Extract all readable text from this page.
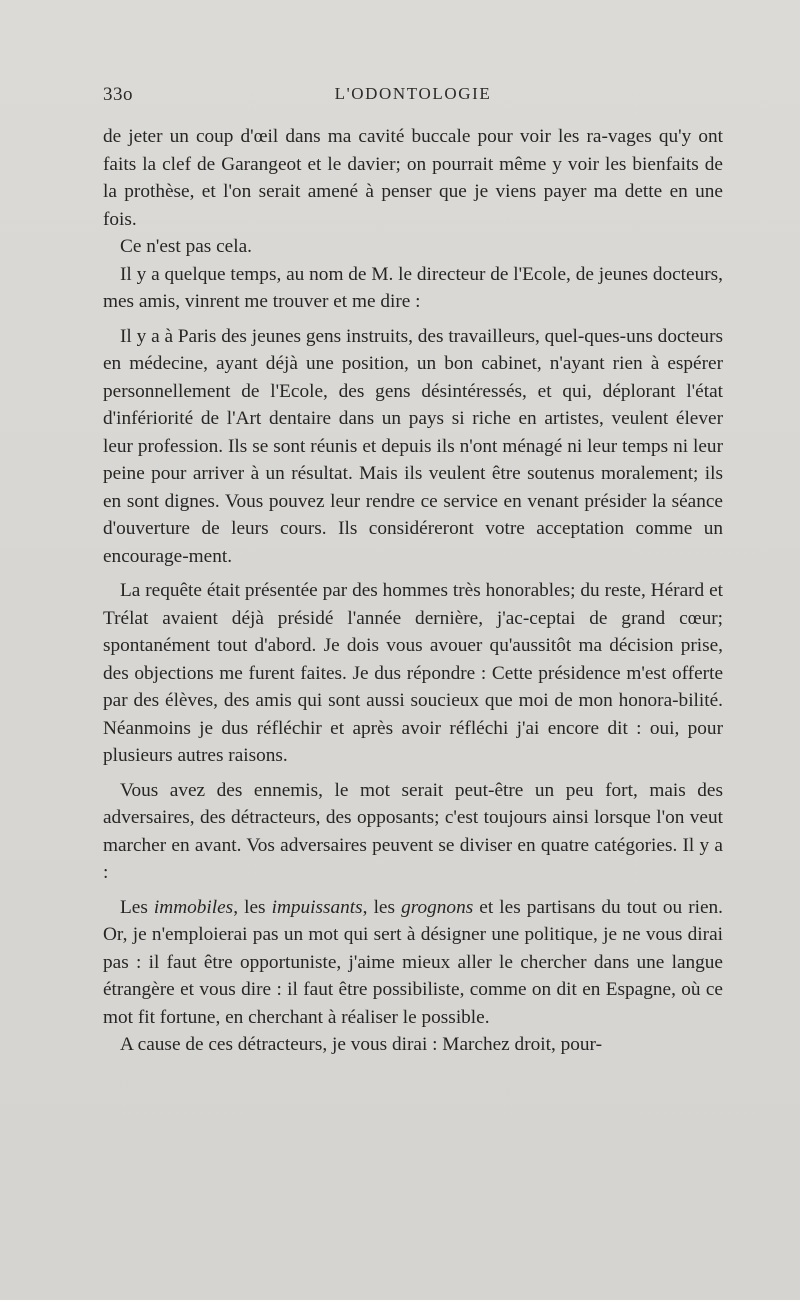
33o	L'ODONTOLOGIE

de jeter un coup d'œil dans ma cavité buccale pour voir les ra-vages qu'y ont faits la clef de Garangeot et le davier; on pourrait même y voir les bienfaits de la prothèse, et l'on serait amené à penser que je viens payer ma dette en une fois.

Ce n'est pas cela.

Il y a quelque temps, au nom de M. le directeur de l'Ecole, de jeunes docteurs, mes amis, vinrent me trouver et me dire :

Il y a à Paris des jeunes gens instruits, des travailleurs, quel-ques-uns docteurs en médecine, ayant déjà une position, un bon cabinet, n'ayant rien à espérer personnellement de l'Ecole, des gens désintéressés, et qui, déplorant l'état d'infériorité de l'Art dentaire dans un pays si riche en artistes, veulent élever leur profession. Ils se sont réunis et depuis ils n'ont ménagé ni leur temps ni leur peine pour arriver à un résultat. Mais ils veulent être soutenus moralement; ils en sont dignes. Vous pouvez leur rendre ce service en venant présider la séance d'ouverture de leurs cours. Ils considéreront votre acceptation comme un encourage-ment.

La requête était présentée par des hommes très honorables; du reste, Hérard et Trélat avaient déjà présidé l'année dernière, j'ac-ceptai de grand cœur; spontanément tout d'abord. Je dois vous avouer qu'aussitôt ma décision prise, des objections me furent faites. Je dus répondre : Cette présidence m'est offerte par des élèves, des amis qui sont aussi soucieux que moi de mon honora-bilité. Néanmoins je dus réfléchir et après avoir réfléchi j'ai encore dit : oui, pour plusieurs autres raisons.

Vous avez des ennemis, le mot serait peut-être un peu fort, mais des adversaires, des détracteurs, des opposants; c'est toujours ainsi lorsque l'on veut marcher en avant. Vos adversaires peuvent se diviser en quatre catégories. Il y a :

Les immobiles, les impuissants, les grognons et les partisans du tout ou rien. Or, je n'emploierai pas un mot qui sert à désigner une politique, je ne vous dirai pas : il faut être opportuniste, j'aime mieux aller le chercher dans une langue étrangère et vous dire : il faut être possibiliste, comme on dit en Espagne, où ce mot fit fortune, en cherchant à réaliser le possible.

A cause de ces détracteurs, je vous dirai : Marchez droit, pour-
